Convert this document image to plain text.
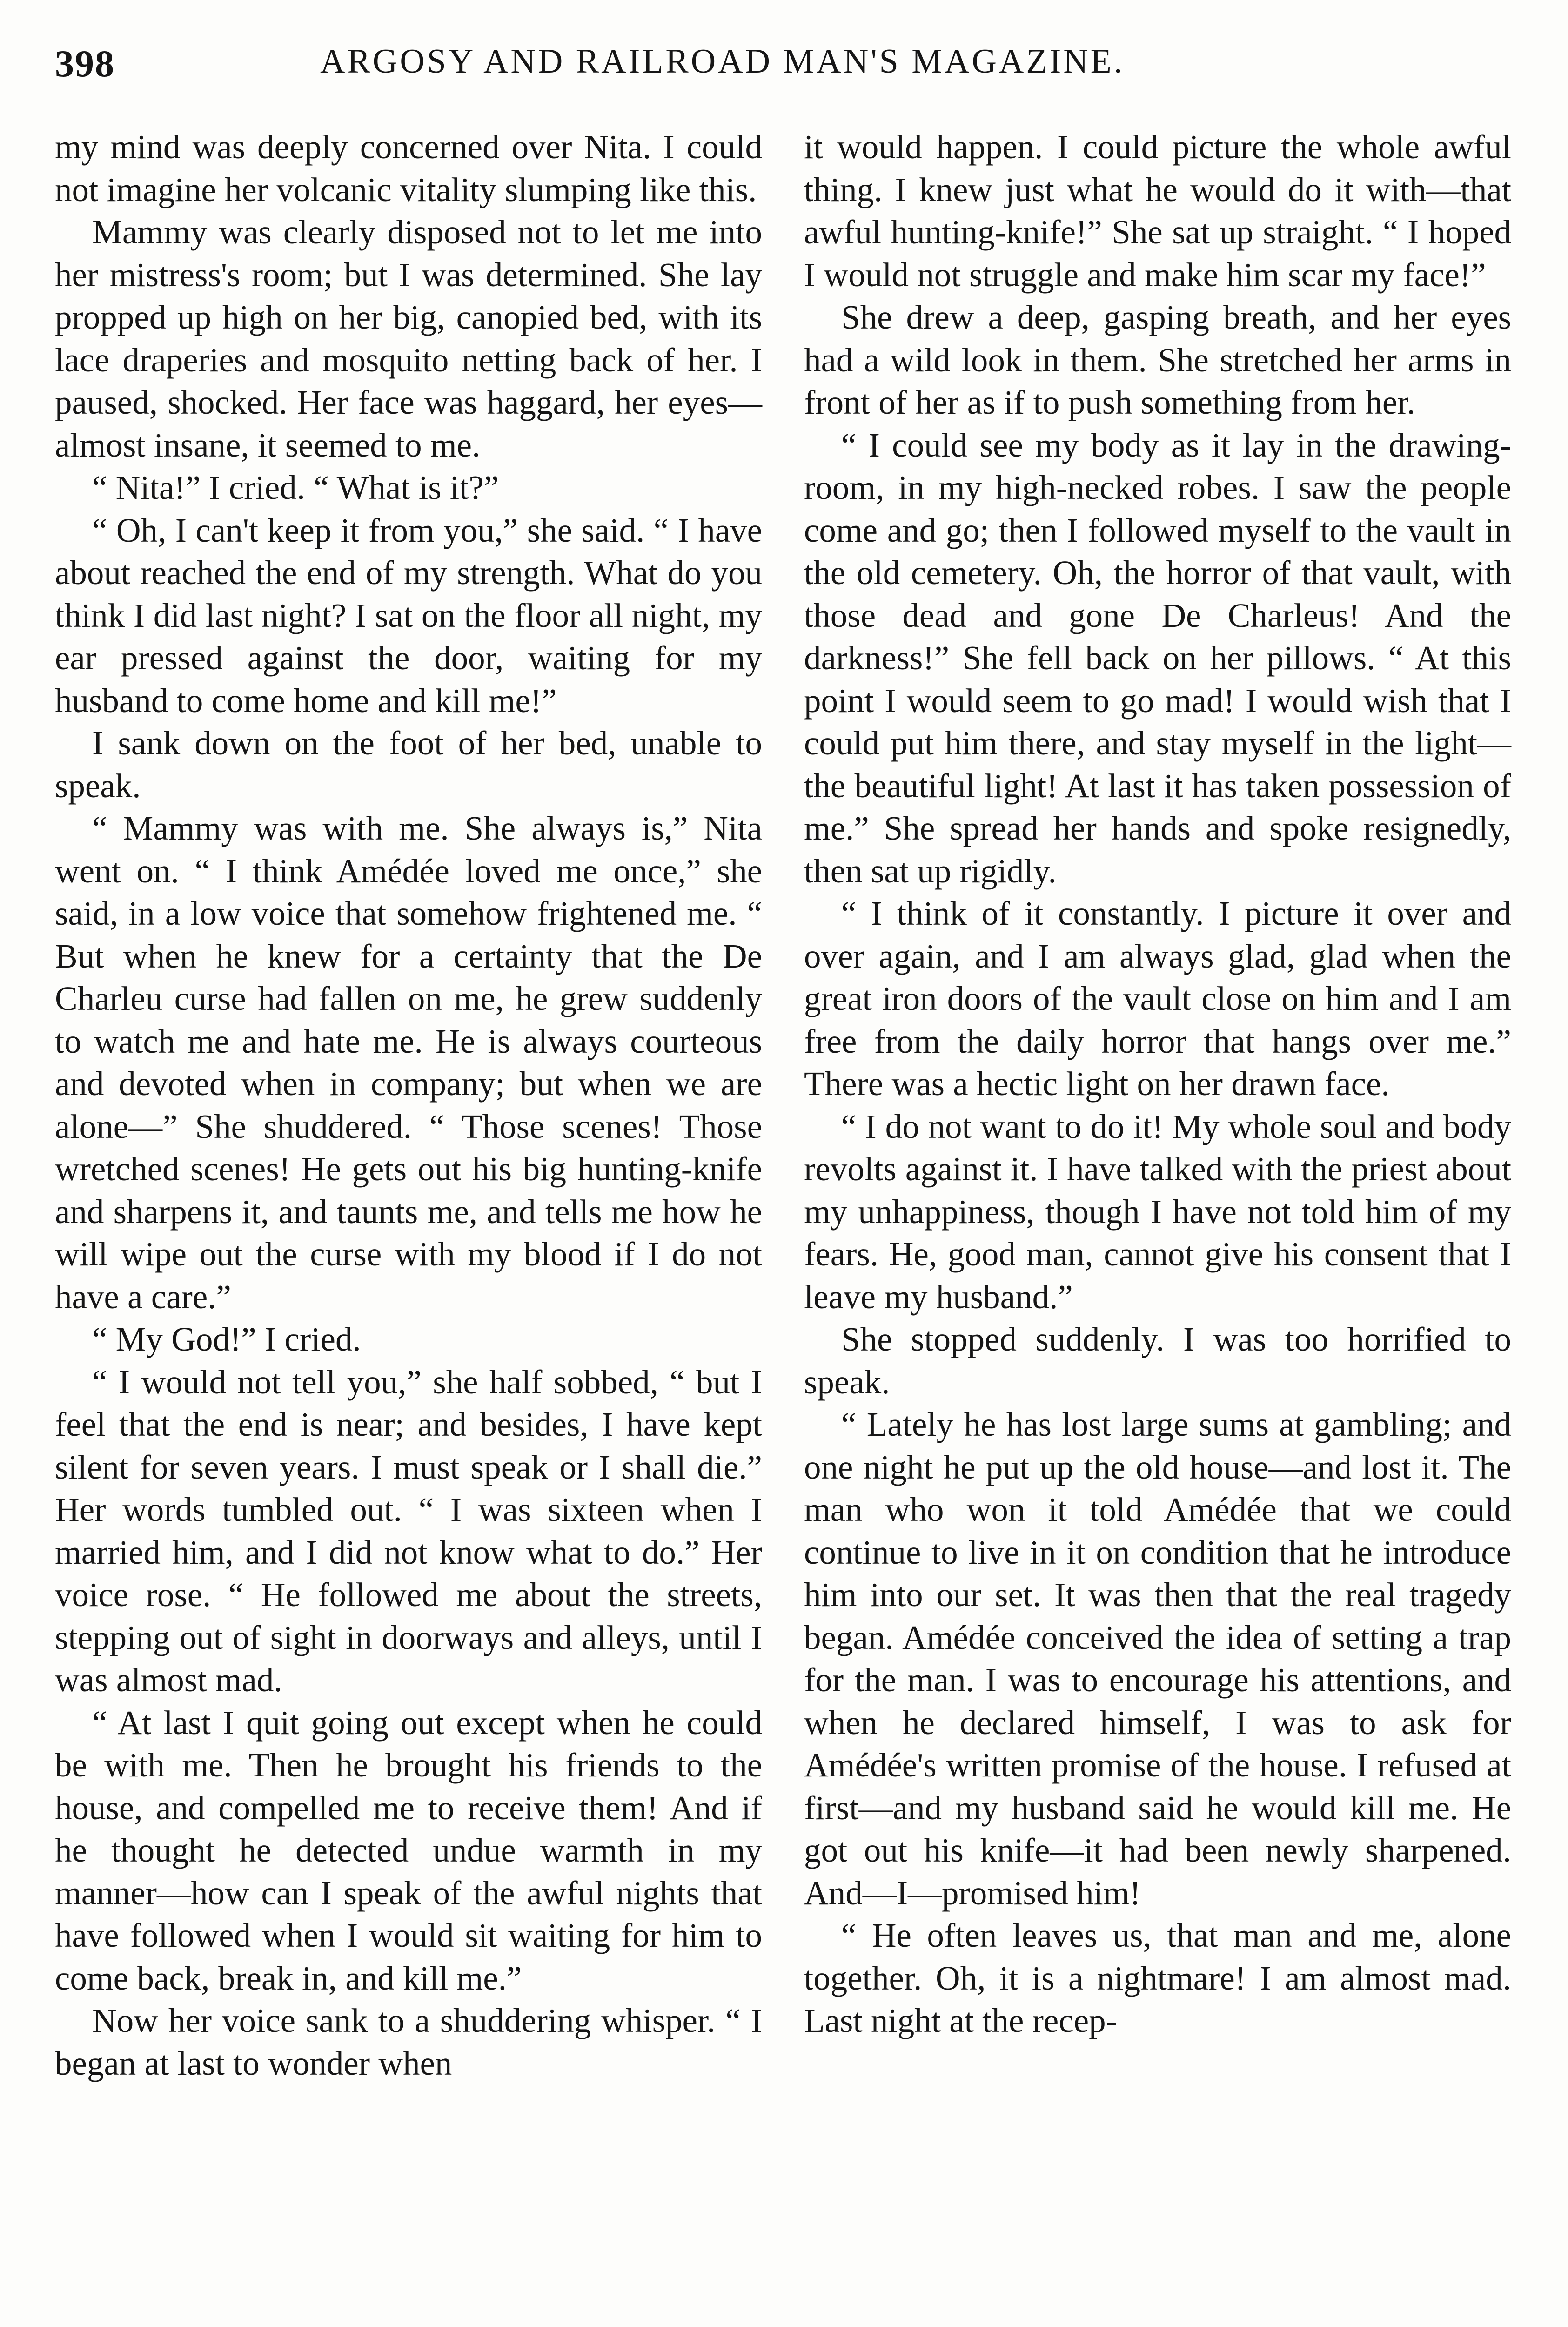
398	ARGOSY AND RAILROAD MAN'S MAGAZINE.

my mind was deeply concerned over Nita. I could not imagine her volcanic vitality slumping like this.

Mammy was clearly disposed not to let me into her mistress's room; but I was determined. She lay propped up high on her big, canopied bed, with its lace draperies and mosquito netting back of her. I paused, shocked. Her face was haggard, her eyes—almost insane, it seemed to me.

“ Nita!” I cried. “ What is it?”

“ Oh, I can't keep it from you,” she said. “ I have about reached the end of my strength. What do you think I did last night? I sat on the floor all night, my ear pressed against the door, waiting for my husband to come home and kill me!”

I sank down on the foot of her bed, unable to speak.

“ Mammy was with me. She always is,” Nita went on. “ I think Amédée loved me once,” she said, in a low voice that somehow frightened me. “ But when he knew for a certainty that the De Charleu curse had fallen on me, he grew suddenly to watch me and hate me. He is always courteous and devoted when in company; but when we are alone—” She shuddered. “ Those scenes! Those wretched scenes! He gets out his big hunting-knife and sharpens it, and taunts me, and tells me how he will wipe out the curse with my blood if I do not have a care.”

“ My God!” I cried.

“ I would not tell you,” she half sobbed, “ but I feel that the end is near; and besides, I have kept silent for seven years. I must speak or I shall die.” Her words tumbled out. “ I was sixteen when I married him, and I did not know what to do.” Her voice rose. “ He followed me about the streets, stepping out of sight in doorways and alleys, until I was almost mad.

“ At last I quit going out except when he could be with me. Then he brought his friends to the house, and compelled me to receive them! And if he thought he detected undue warmth in my manner—how can I speak of the awful nights that have followed when I would sit waiting for him to come back, break in, and kill me.”

Now her voice sank to a shuddering whisper. “ I began at last to wonder when

it would happen. I could picture the whole awful thing. I knew just what he would do it with—that awful hunting-knife!” She sat up straight. “ I hoped I would not struggle and make him scar my face!”

She drew a deep, gasping breath, and her eyes had a wild look in them. She stretched her arms in front of her as if to push something from her.

“ I could see my body as it lay in the drawing-room, in my high-necked robes. I saw the people come and go; then I followed myself to the vault in the old cemetery. Oh, the horror of that vault, with those dead and gone De Charleus! And the darkness!” She fell back on her pillows. “ At this point I would seem to go mad! I would wish that I could put him there, and stay myself in the light—the beautiful light! At last it has taken possession of me.” She spread her hands and spoke resignedly, then sat up rigidly.

“ I think of it constantly. I picture it over and over again, and I am always glad, glad when the great iron doors of the vault close on him and I am free from the daily horror that hangs over me.” There was a hectic light on her drawn face.

“ I do not want to do it! My whole soul and body revolts against it. I have talked with the priest about my unhappiness, though I have not told him of my fears. He, good man, cannot give his consent that I leave my husband.”

She stopped suddenly. I was too horrified to speak.

“ Lately he has lost large sums at gambling; and one night he put up the old house—and lost it. The man who won it told Amédée that we could continue to live in it on condition that he introduce him into our set. It was then that the real tragedy began. Amédée conceived the idea of setting a trap for the man. I was to encourage his attentions, and when he declared himself, I was to ask for Amédée's written promise of the house. I refused at first—and my husband said he would kill me. He got out his knife—it had been newly sharpened. And—I—promised him!

“ He often leaves us, that man and me, alone together. Oh, it is a nightmare! I am almost mad. Last night at the recep-
